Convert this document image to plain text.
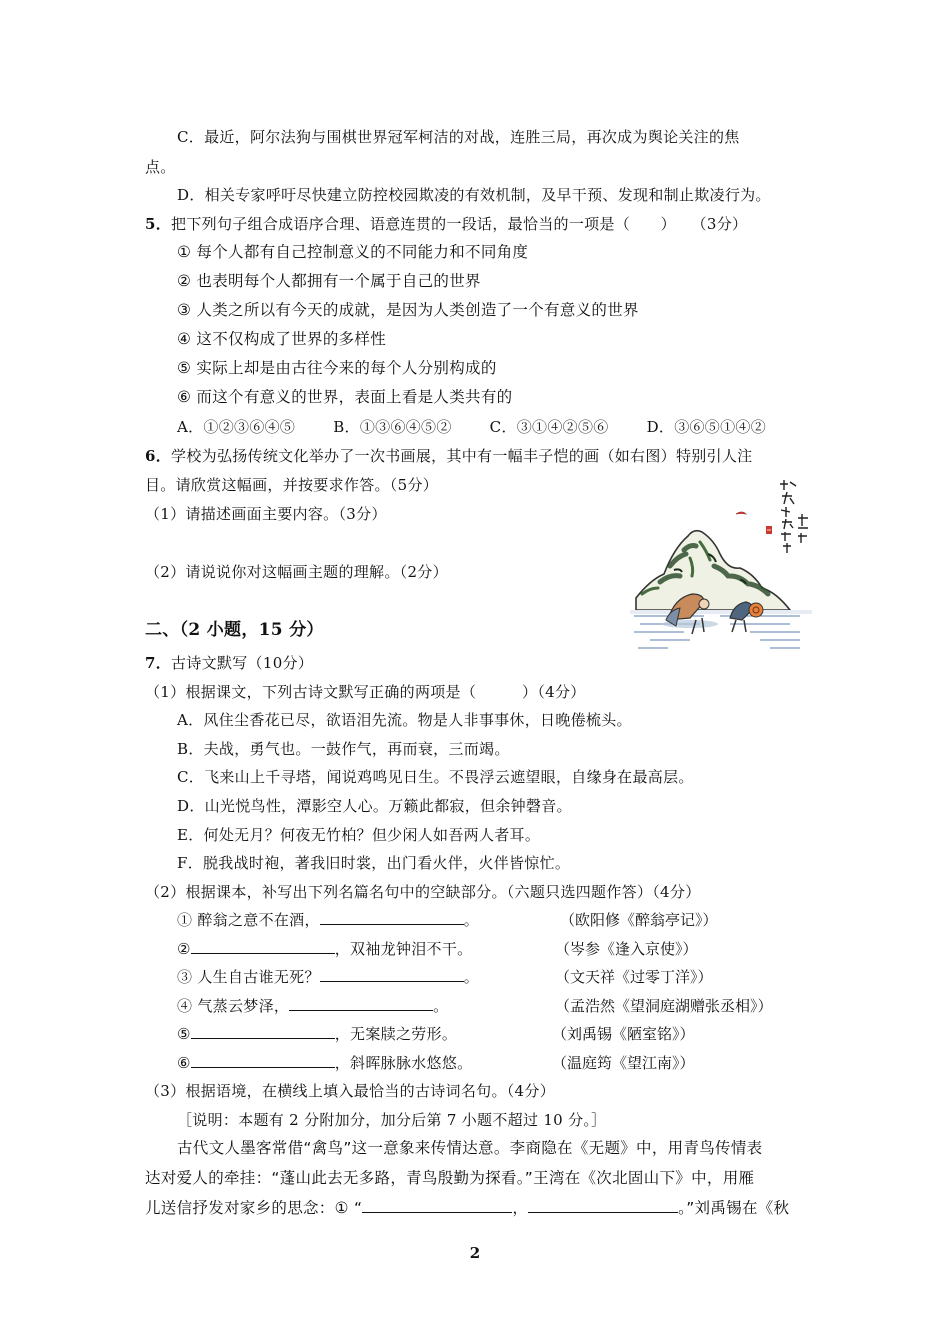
C．最近，阿尔法狗与围棋世界冠军柯洁的对战，连胜三局，再次成为舆论关注的焦
点。
D．相关专家呼吁尽快建立防控校园欺凌的有效机制，及早干预、发现和制止欺凌行为。
5．把下列句子组合成语序合理、语意连贯的一段话，最恰当的一项是（　　）　　（3分）
① 每个人都有自己控制意义的不同能力和不同角度
② 也表明每个人都拥有一个属于自己的世界
③ 人类之所以有今天的成就，是因为人类创造了一个有意义的世界
④ 这不仅构成了世界的多样性
⑤ 实际上却是由古往今来的每个人分别构成的
⑥ 而这个有意义的世界，表面上看是人类共有的
A．①②③⑥④⑤	B．①③⑥④⑤②	C．③①④②⑤⑥	D．③⑥⑤①④②
6．学校为弘扬传统文化举办了一次书画展，其中有一幅丰子恺的画（如右图）特别引人注
目。请欣赏这幅画，并按要求作答。（5分）
（1）请描述画面主要内容。（3分）
（2）请说说你对这幅画主题的理解。（2分）
二、（2 小题，15 分）
7．古诗文默写（10分）
（1）根据课文，下列古诗文默写正确的两项是（　　　）（4分）
A．风住尘香花已尽，欲语泪先流。物是人非事事休，日晚倦梳头。
B．夫战，勇气也。一鼓作气，再而衰，三而竭。
C．飞来山上千寻塔，闻说鸡鸣见日生。不畏浮云遮望眼，自缘身在最高层。
D．山光悦鸟性，潭影空人心。万籁此都寂，但余钟磬音。
E．何处无月？何夜无竹柏？但少闲人如吾两人者耳。
F．脱我战时袍，著我旧时裳，出门看火伴，火伴皆惊忙。
（2）根据课本，补写出下列名篇名句中的空缺部分。（六题只选四题作答）（4分）
① 醉翁之意不在酒，	。	（欧阳修《醉翁亭记》）
②	，双袖龙钟泪不干。	（岑参《逢入京使》）
③ 人生自古谁无死？	。	（文天祥《过零丁洋》）
④ 气蒸云梦泽，	。	（孟浩然《望洞庭湖赠张丞相》）
⑤	，无案牍之劳形。	（刘禹锡《陋室铭》）
⑥	，斜晖脉脉水悠悠。	（温庭筠《望江南》）
（3）根据语境，在横线上填入最恰当的古诗词名句。（4分）
［说明：本题有 2 分附加分，加分后第 7 小题不超过 10 分。］
古代文人墨客常借“禽鸟”这一意象来传情达意。李商隐在《无题》中，用青鸟传情表
达对爱人的牵挂：“蓬山此去无多路，青鸟殷勤为探看。”王湾在《次北固山下》中，用雁
儿送信抒发对家乡的思念：① “	，	。”刘禹锡在《秋
2
